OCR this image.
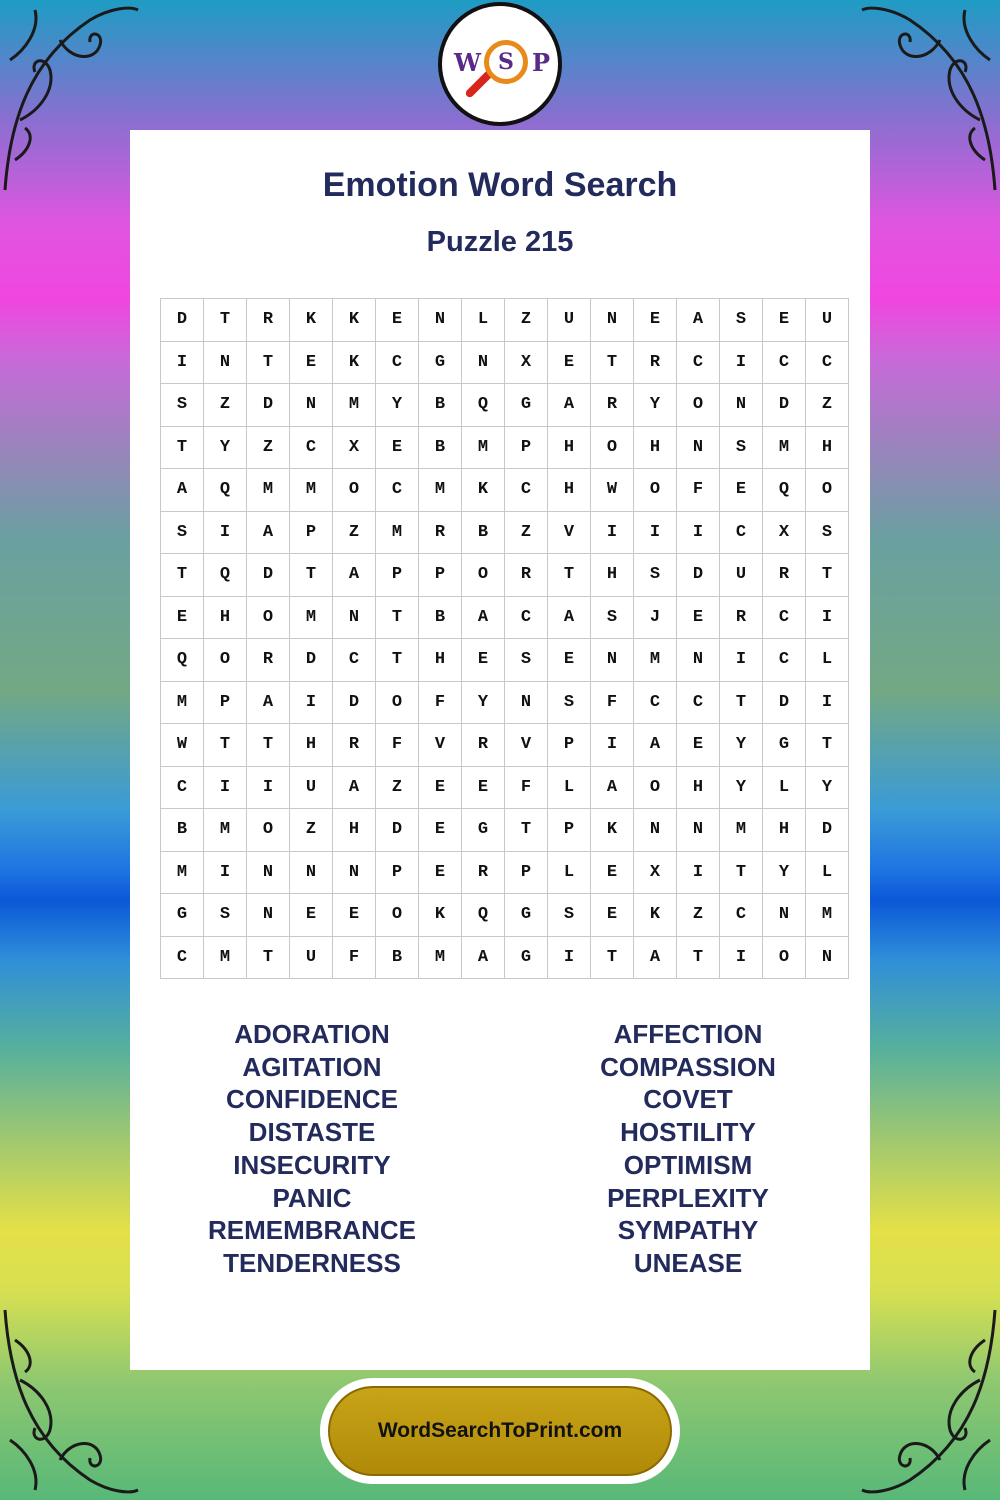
W S P
Emotion Word Search
Puzzle 215
D	T	R	K	K	E	N	L	Z	U	N	E	A	S	E	U
I	N	T	E	K	C	G	N	X	E	T	R	C	I	C	C
S	Z	D	N	M	Y	B	Q	G	A	R	Y	O	N	D	Z
T	Y	Z	C	X	E	B	M	P	H	O	H	N	S	M	H
A	Q	M	M	O	C	M	K	C	H	W	O	F	E	Q	O
S	I	A	P	Z	M	R	B	Z	V	I	I	I	C	X	S
T	Q	D	T	A	P	P	O	R	T	H	S	D	U	R	T
E	H	O	M	N	T	B	A	C	A	S	J	E	R	C	I
Q	O	R	D	C	T	H	E	S	E	N	M	N	I	C	L
M	P	A	I	D	O	F	Y	N	S	F	C	C	T	D	I
W	T	T	H	R	F	V	R	V	P	I	A	E	Y	G	T
C	I	I	U	A	Z	E	E	F	L	A	O	H	Y	L	Y
B	M	O	Z	H	D	E	G	T	P	K	N	N	M	H	D
M	I	N	N	N	P	E	R	P	L	E	X	I	T	Y	L
G	S	N	E	E	O	K	Q	G	S	E	K	Z	C	N	M
C	M	T	U	F	B	M	A	G	I	T	A	T	I	O	N
ADORATION
AGITATION
CONFIDENCE
DISTASTE
INSECURITY
PANIC
REMEMBRANCE
TENDERNESS
AFFECTION
COMPASSION
COVET
HOSTILITY
OPTIMISM
PERPLEXITY
SYMPATHY
UNEASE
WordSearchToPrint.com
